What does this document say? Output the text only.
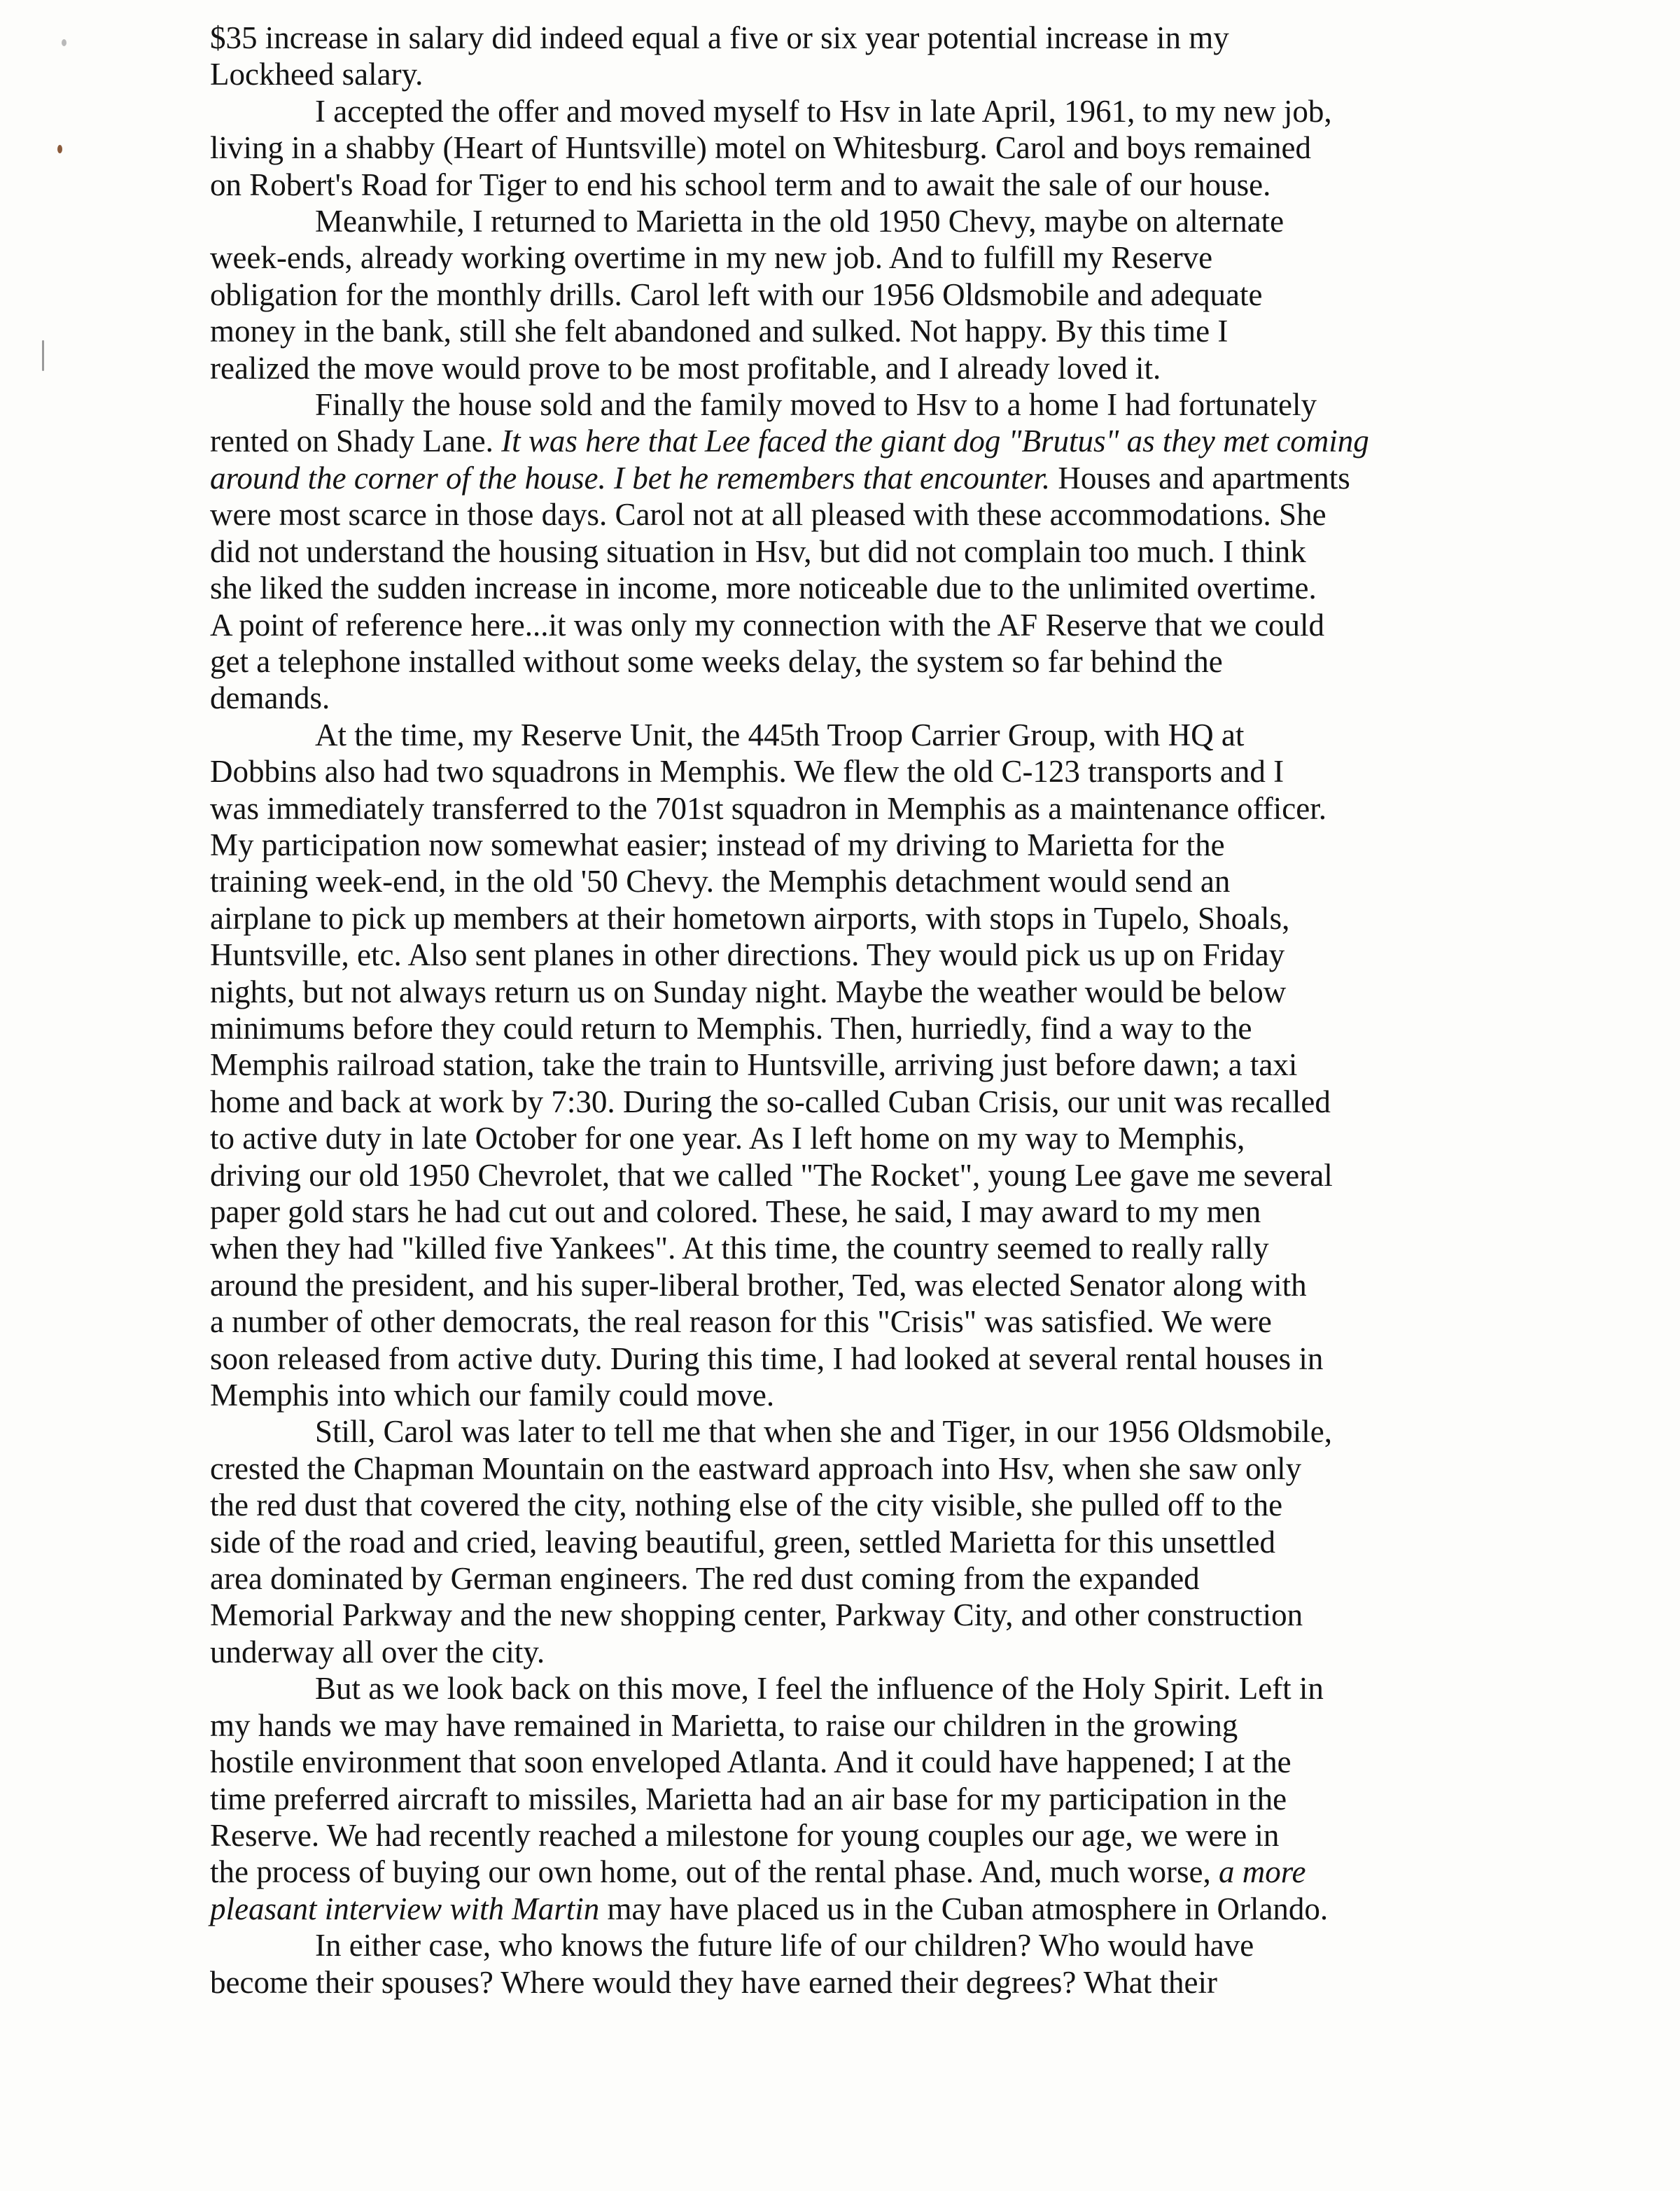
$35 increase in salary did indeed equal a five or six year potential increase in my
Lockheed salary.

I accepted the offer and moved myself to Hsv in late April, 1961, to my new job,
living in a shabby (Heart of Huntsville) motel on Whitesburg. Carol and boys remained
on Robert's Road for Tiger to end his school term and to await the sale of our house.

Meanwhile, I returned to Marietta in the old 1950 Chevy, maybe on alternate
week-ends, already working overtime in my new job. And to fulfill my Reserve
obligation for the monthly drills. Carol left with our 1956 Oldsmobile and adequate
money in the bank, still she felt abandoned and sulked. Not happy. By this time I
realized the move would prove to be most profitable, and I already loved it.

Finally the house sold and the family moved to Hsv to a home I had fortunately
rented on Shady Lane. It was here that Lee faced the giant dog "Brutus" as they met coming
around the corner of the house. I bet he remembers that encounter. Houses and apartments
were most scarce in those days. Carol not at all pleased with these accommodations. She
did not understand the housing situation in Hsv, but did not complain too much. I think
she liked the sudden increase in income, more noticeable due to the unlimited overtime.
A point of reference here...it was only my connection with the AF Reserve that we could
get a telephone installed without some weeks delay, the system so far behind the
demands.

At the time, my Reserve Unit, the 445th Troop Carrier Group, with HQ at
Dobbins also had two squadrons in Memphis. We flew the old C-123 transports and I
was immediately transferred to the 701st squadron in Memphis as a maintenance officer.
My participation now somewhat easier; instead of my driving to Marietta for the
training week-end, in the old '50 Chevy. the Memphis detachment would send an
airplane to pick up members at their hometown airports, with stops in Tupelo, Shoals,
Huntsville, etc. Also sent planes in other directions. They would pick us up on Friday
nights, but not always return us on Sunday night. Maybe the weather would be below
minimums before they could return to Memphis. Then, hurriedly, find a way to the
Memphis railroad station, take the train to Huntsville, arriving just before dawn; a taxi
home and back at work by 7:30. During the so-called Cuban Crisis, our unit was recalled
to active duty in late October for one year. As I left home on my way to Memphis,
driving our old 1950 Chevrolet, that we called "The Rocket", young Lee gave me several
paper gold stars he had cut out and colored. These, he said, I may award to my men
when they had "killed five Yankees". At this time, the country seemed to really rally
around the president, and his super-liberal brother, Ted, was elected Senator along with
a number of other democrats, the real reason for this "Crisis" was satisfied. We were
soon released from active duty. During this time, I had looked at several rental houses in
Memphis into which our family could move.

Still, Carol was later to tell me that when she and Tiger, in our 1956 Oldsmobile,
crested the Chapman Mountain on the eastward approach into Hsv, when she saw only
the red dust that covered the city, nothing else of the city visible, she pulled off to the
side of the road and cried, leaving beautiful, green, settled Marietta for this unsettled
area dominated by German engineers. The red dust coming from the expanded
Memorial Parkway and the new shopping center, Parkway City, and other construction
underway all over the city.

But as we look back on this move, I feel the influence of the Holy Spirit. Left in
my hands we may have remained in Marietta, to raise our children in the growing
hostile environment that soon enveloped Atlanta. And it could have happened; I at the
time preferred aircraft to missiles, Marietta had an air base for my participation in the
Reserve. We had recently reached a milestone for young couples our age, we were in
the process of buying our own home, out of the rental phase. And, much worse, a more
pleasant interview with Martin may have placed us in the Cuban atmosphere in Orlando.

In either case, who knows the future life of our children? Who would have
become their spouses? Where would they have earned their degrees? What their
